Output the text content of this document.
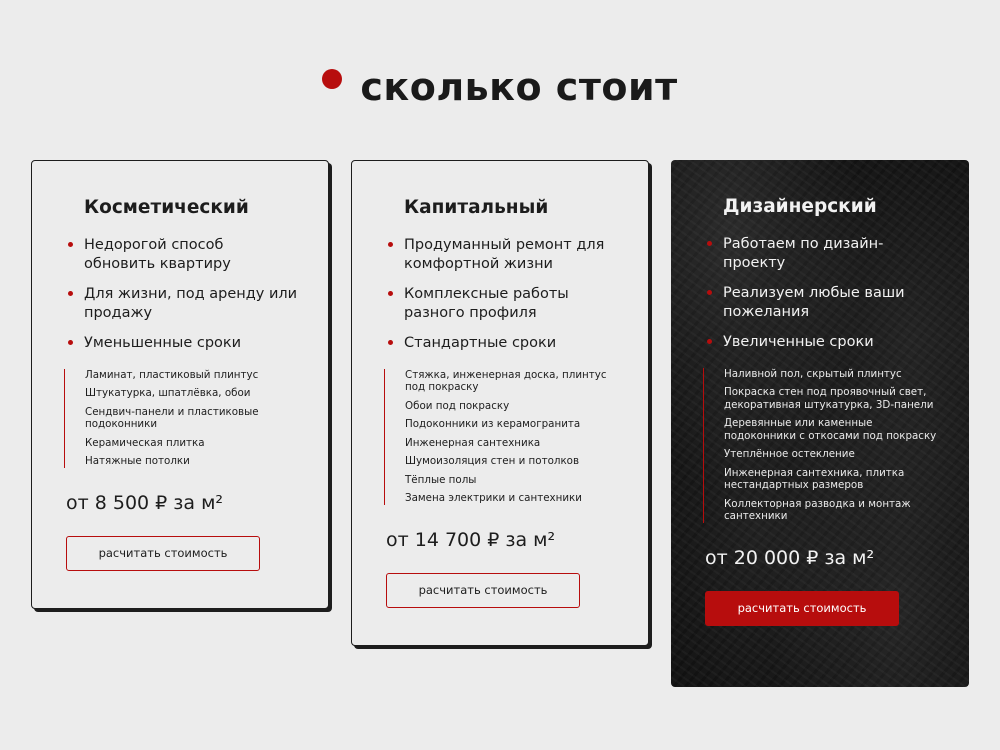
сколько стоит
Косметический
Недорогой способ обновить квартиру
Для жизни, под аренду или продажу
Уменьшенные сроки
Ламинат, пластиковый плинтус
Штукатурка, шпатлёвка, обои
Сендвич-панели и пластиковые подоконники
Керамическая плитка
Натяжные потолки
от 8 500 ₽ за м²
расчитать стоимость
Капитальный
Продуманный ремонт для комфортной жизни
Комплексные работы разного профиля
Стандартные сроки
Стяжка, инженерная доска, плинтус под покраску
Обои под покраску
Подоконники из керамогранита
Инженерная сантехника
Шумоизоляция стен и потолков
Тёплые полы
Замена электрики и сантехники
от 14 700 ₽ за м²
расчитать стоимость
Дизайнерский
Работаем по дизайн-проекту
Реализуем любые ваши пожелания
Увеличенные сроки
Наливной пол, скрытый плинтус
Покраска стен под проявочный свет, декоративная штукатурка, 3D-панели
Деревянные или каменные подоконники с откосами под покраску
Утеплённое остекление
Инженерная сантехника, плитка нестандартных размеров
Коллекторная разводка и монтаж сантехники
от 20 000 ₽ за м²
расчитать стоимость
